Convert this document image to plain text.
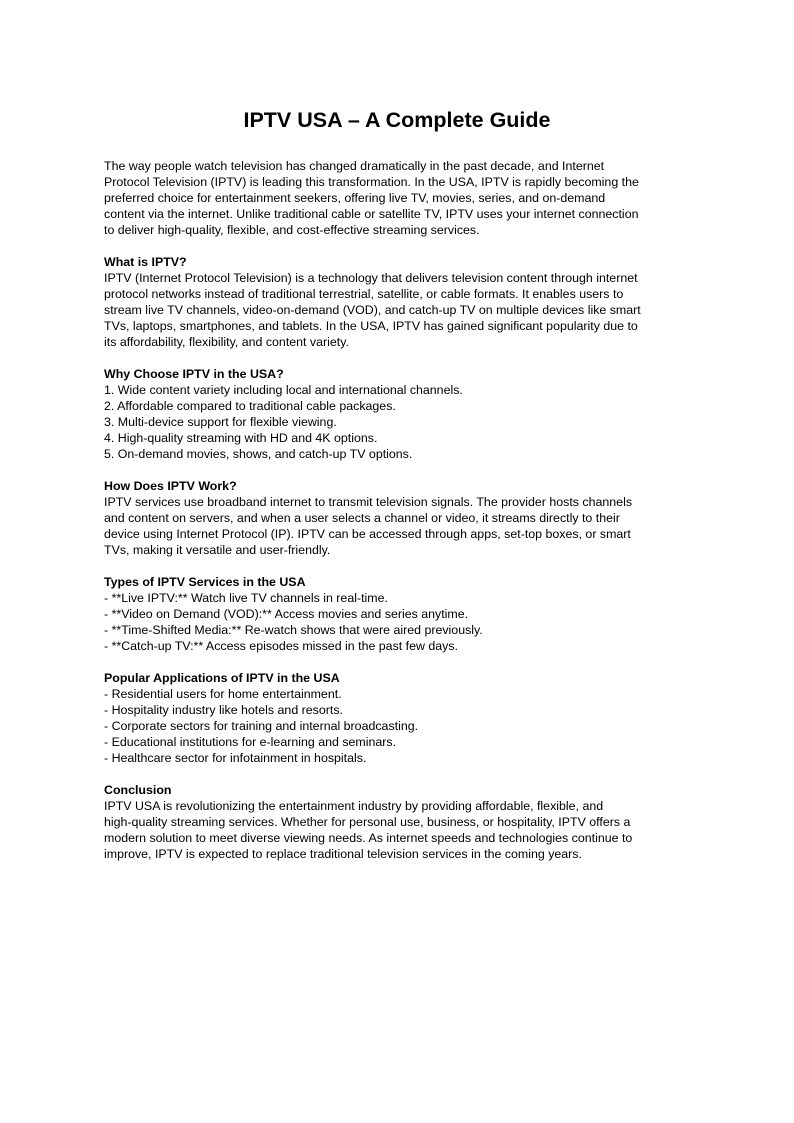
IPTV USA – A Complete Guide
The way people watch television has changed dramatically in the past decade, and Internet
Protocol Television (IPTV) is leading this transformation. In the USA, IPTV is rapidly becoming the
preferred choice for entertainment seekers, offering live TV, movies, series, and on-demand
content via the internet. Unlike traditional cable or satellite TV, IPTV uses your internet connection
to deliver high-quality, flexible, and cost-effective streaming services.
What is IPTV?
IPTV (Internet Protocol Television) is a technology that delivers television content through internet
protocol networks instead of traditional terrestrial, satellite, or cable formats. It enables users to
stream live TV channels, video-on-demand (VOD), and catch-up TV on multiple devices like smart
TVs, laptops, smartphones, and tablets. In the USA, IPTV has gained significant popularity due to
its affordability, flexibility, and content variety.
Why Choose IPTV in the USA?
1. Wide content variety including local and international channels.
2. Affordable compared to traditional cable packages.
3. Multi-device support for flexible viewing.
4. High-quality streaming with HD and 4K options.
5. On-demand movies, shows, and catch-up TV options.
How Does IPTV Work?
IPTV services use broadband internet to transmit television signals. The provider hosts channels
and content on servers, and when a user selects a channel or video, it streams directly to their
device using Internet Protocol (IP). IPTV can be accessed through apps, set-top boxes, or smart
TVs, making it versatile and user-friendly.
Types of IPTV Services in the USA
- **Live IPTV:** Watch live TV channels in real-time.
- **Video on Demand (VOD):** Access movies and series anytime.
- **Time-Shifted Media:** Re-watch shows that were aired previously.
- **Catch-up TV:** Access episodes missed in the past few days.
Popular Applications of IPTV in the USA
- Residential users for home entertainment.
- Hospitality industry like hotels and resorts.
- Corporate sectors for training and internal broadcasting.
- Educational institutions for e-learning and seminars.
- Healthcare sector for infotainment in hospitals.
Conclusion
IPTV USA is revolutionizing the entertainment industry by providing affordable, flexible, and
high-quality streaming services. Whether for personal use, business, or hospitality, IPTV offers a
modern solution to meet diverse viewing needs. As internet speeds and technologies continue to
improve, IPTV is expected to replace traditional television services in the coming years.
